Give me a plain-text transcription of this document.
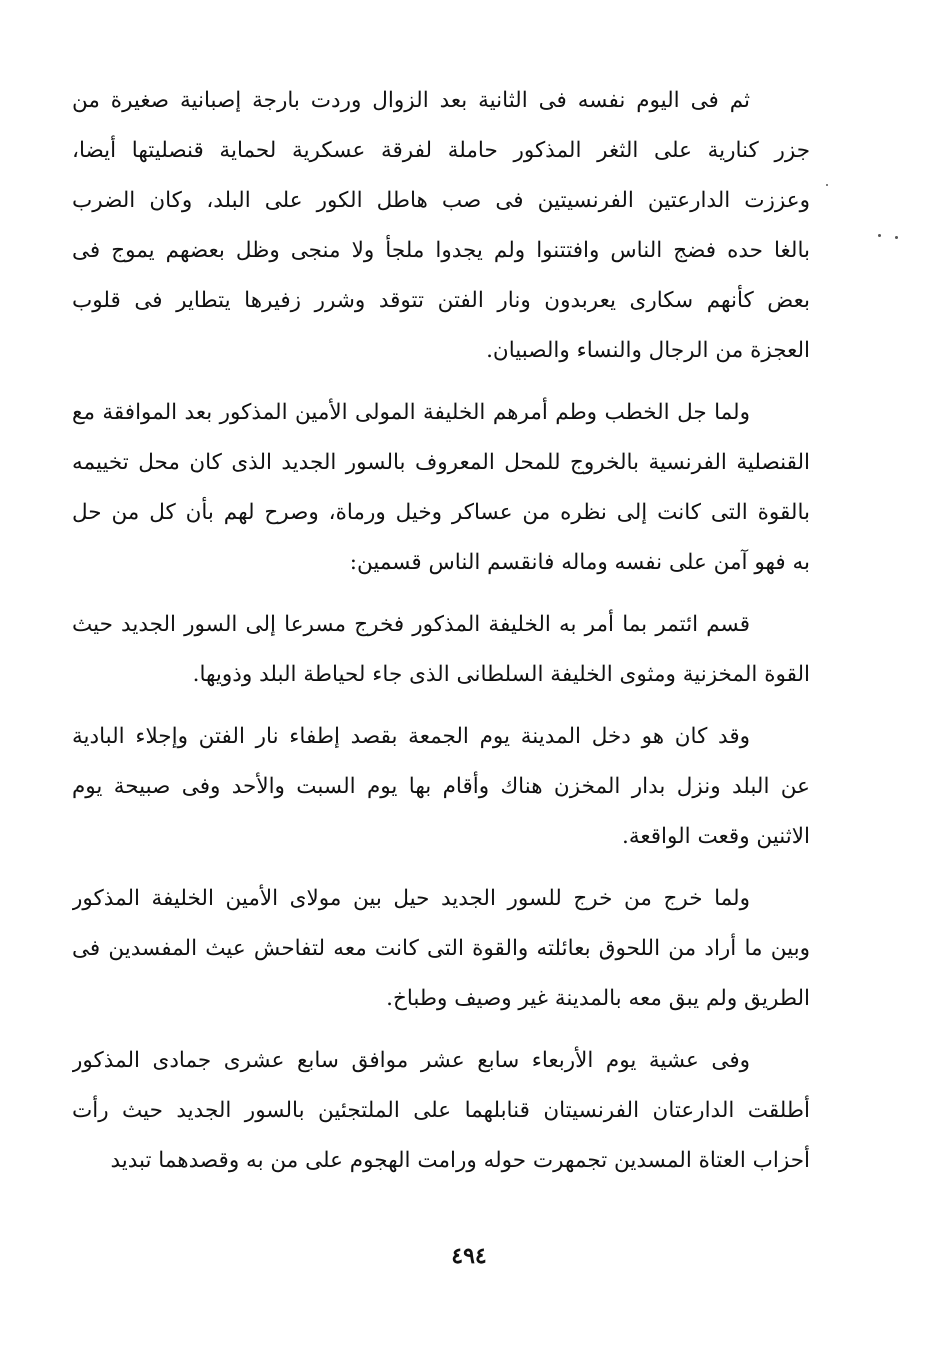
ثم فى اليوم نفسه فى الثانية بعد الزوال وردت بارجة إصبانية صغيرة من
جزر كنارية على الثغر المذكور حاملة لفرقة عسكرية لحماية قنصليتها أيضا،
وعززت الدارعتين الفرنسيتين فى صب هاطل الكور على البلد، وكان الضرب
بالغا حده فضج الناس وافتتنوا ولم يجدوا ملجأ ولا منجى وظل بعضهم يموج فى
بعض كأنهم سكارى يعربدون ونار الفتن تتوقد وشرر زفيرها يتطاير فى قلوب
العجزة من الرجال والنساء والصبيان.
ولما جل الخطب وطم أمرهم الخليفة المولى الأمين المذكور بعد الموافقة مع
القنصلية الفرنسية بالخروج للمحل المعروف بالسور الجديد الذى كان محل تخييمه
بالقوة التى كانت إلى نظره من عساكر وخيل ورماة، وصرح لهم بأن كل من حل
به فهو آمن على نفسه وماله فانقسم الناس قسمين:
قسم ائتمر بما أمر به الخليفة المذكور فخرج مسرعا إلى السور الجديد حيث
القوة المخزنية ومثوى الخليفة السلطانى الذى جاء لحياطة البلد وذويها.
وقد كان هو دخل المدينة يوم الجمعة بقصد إطفاء نار الفتن وإجلاء البادية
عن البلد ونزل بدار المخزن هناك وأقام بها يوم السبت والأحد وفى صبيحة يوم
الاثنين وقعت الواقعة.
ولما خرج من خرج للسور الجديد حيل بين مولاى الأمين الخليفة المذكور
وبين ما أراد من اللحوق بعائلته والقوة التى كانت معه لتفاحش عيث المفسدين فى
الطريق ولم يبق معه بالمدينة غير وصيف وطباخ.
وفى عشية يوم الأربعاء سابع عشر موافق سابع عشرى جمادى المذكور
أطلقت الدارعتان الفرنسيتان قنابلهما على الملتجئين بالسور الجديد حيث رأت
أحزاب العتاة المسدين تجمهرت حوله ورامت الهجوم على من به وقصدهما تبديد
٤٩٤
